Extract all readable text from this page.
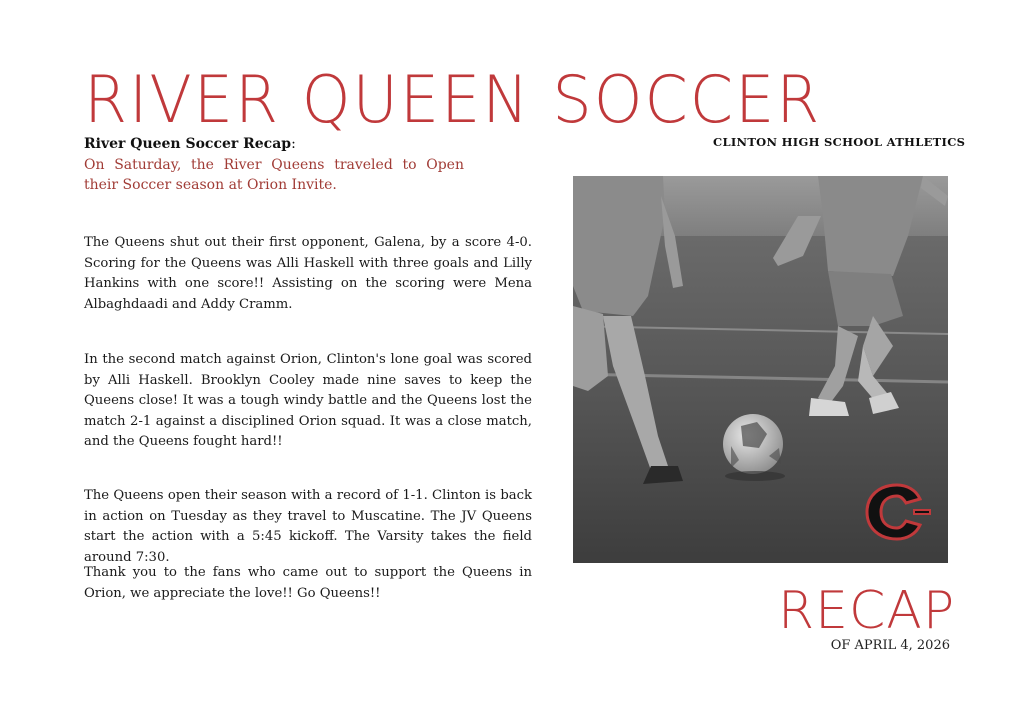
RIVER QUEEN SOCCER
CLINTON HIGH SCHOOL ATHLETICS
River Queen Soccer Recap:

On Saturday, the River Queens traveled to Open their Soccer season at Orion Invite.

The Queens shut out their first opponent, Galena, by a score 4-0. Scoring for the Queens was Alli Haskell with three goals and Lilly Hankins with one score!! Assisting on the scoring were Mena Albaghdaadi and Addy Cramm.

In the second match against Orion, Clinton's lone goal was scored by Alli Haskell. Brooklyn Cooley made nine saves to keep the Queens close! It was a tough windy battle and the Queens lost the match 2-1 against a disciplined Orion squad. It was a close match, and the Queens fought hard!!

The Queens open their season with a record of 1-1. Clinton is back in action on Tuesday as they travel to Muscatine. The JV Queens start the action with a 5:45 kickoff. The Varsity takes the field around 7:30.

Thank you to the fans who came out to support the Queens in Orion, we appreciate the love!! Go Queens!!	RECAP
OF APRIL 4, 2026
